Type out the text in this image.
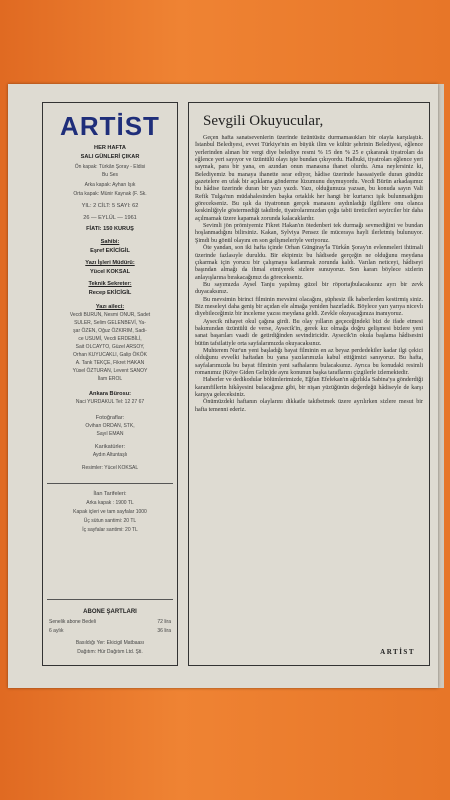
ARTİST
HER HAFTA
SALI GÜNLERİ ÇIKAR
Ön kapak: Türkân Şoray - Eldisi
Bu Ses
Arka kapak: Ayhan Işık
Orta kapak: Münir Kaynak (F. Sk.
YIL: 2 CİLT: 5 SAYI: 62
26 — EYLÜL — 1961
FİATI: 150 KURUŞ
Sahibi:
Eşref EKİCİGİL
Yazı İşleri Müdürü:
Yücel KOKSAL
Teknik Sekreter:
Recep EKİCİGİL
Yazı aileci:
Vecdi BURUN, Nesmi ONUR, Sadet
SULER, Selim GELENBEVİ, Ya-
şar ÖZEN, Oğuz ÖZKIRIM, Sadi-
ce USUMİ, Vecdi ERDEBİLİ,
Sait OLCAYTO, Güzel ARSOY,
Orhan KUYUCAKLI, Galip ÖKÖK
A. Tank TEKÇE, Fikret HAKAN
Yüsel ÖZTURAN, Levent SANOY
İlam EROL
Ankara Bürosu:
Naci YURDAKUL Tel: 12 27 67
Fotoğraflar:
Ovihan ORDAN, STK,
Sayıl EMAN
Karikatürler:
Aydın Altuntaşlı
Resimler: Yücel KOKSAL
İlan Tarifeleri:
Arka kapak : 1900 TL
Kapak içleri ve tam sayfalar 1000
Üç sütun santimi: 20 TL
İç sayfalar santimi: 20 TL
ABONE ŞARTLARI
Senelik abone Bedeli	72 lira
6 aylık	36 lira
Basıldığı Yer: Ekicigil Matbaası
Dağıtım: Hür Dağıtım Ltd. Şti.
Sevgili Okuyucular,

Geçen hafta sanatsevenlerin üzerinde üzüntüsüz durmamasıkları bir olayla karşılaştık. İstanbul Belediyesi, evvet Türkiye'nin en büyük ilim ve kültür şehrinin Belediyesi, eğlence yerlerinden alınan bir vergi diye belediye resmi % 15 den % 25 e çıkararak tiyatroları da eğlence yeri sayıyor ve üzüntülü olayı işte bundan çıkıyordu. Halbuki, tiyatroları eğlence yeri saymak, para bir yana, en azından onun manasına ihanet olurdu. Ama neylersiniz ki, Belediyemiz bu manaya ihanette ısrar ediyor, hâdise üzerinde hassasiyetle duran gündüz gazetelere en ufak bir açıklama gönderme lüzumunu duymuyordu. Vecdi Bürün arkadaşımız bu hâdise üzerinde duran bir yazı yazdı. Yazı, olduğumuza yazsan, bu konuda sayın Vali Refik Tulga'nın müdahalesinden başka ortaklık her hangi bir kurtarıcı işık bulunmadığını görecekseniz. Bu ışık da tiyatronun gerçek manasını aydınladığı ilgililere onu olanca keskinliğiyle göstermediği takdirde, tiyatrolarımızdan çoğu tabii üreticileri seyirciler bir daha açılmamak üzere kapamak zorunda kalacaklardır.

Sevimli jön prömiyemiz Fikret Hakan'ın ötedenberi tek durmağı sevmediğini ve bundan hoşlanmadığını bilirsiniz. Kakan, Sylviya Pensez ile müceraya hayli ilerletmiş bulunuyor. Şimdi bu gönül olayını en son gelişmeleriyle veriyoruz.

Öte yandan, son iki hafta içinde Orhan Güngiray'la Türkân Şoray'ın evlenmeleri ihtimali üzerinde fazlasıyle duruldu. Bir ekipimiz bu hâdisede gerçeğin ne olduğunu meydana çıkarmak için yorucu bir çalışmaya katlanmak zorunda kaldı. Varılan neticeyi, hâdiseyi başından almağı da ihmal etmiyerek sizlere sunuyoruz. Son kararı böylece sizlerin anlayışlarına bırakacağımız da görecekseniz.

Bu sayımızda Aysel Tanju yapılmış güzel bir röportajbulacaksınız ayrı bir zevk duyacaksınız.

Bu mevsimin birinci filminin mevsimi olacağını, şüphesiz ilk haberlerden kestirmiş siniz. Biz meseleyi daha geniş bir açıdan ele almağa yeniden hazırladık. Böylece yarı yarıya nicevlı diyebileceğimiz bir inceleme yazısı meydana geldi. Zevkle okuyacağınıza inanıyoruz.

Aysecik nihayet okul çağına girdi. Bu olay yılların geçeceğindeki bizi de ifade etmesi bakımından üzüntülü de verse, Aysecik'in, gerek kız olmağa doğru gelişmesi bizlere yeni sanat başarıları vaadi de getirdiğinden sevindiricidir. Aysecik'in okula başlama hâdisesini bütün tafsilatiyle orta sayfalarımızda okuyacaksınız.

Muhterem Nur'un yeni başladığı bayat filminin en az beyaz perdedekiler kadar ilgi çekici olduğunu evvelki haftadan bu yana yazılarımızla kabul ettiğimizi sanıyoruz. Bu hafta, sayfalarımızda bu bayat filminin yeni safhalarını bulacaksınız. Ayrıca bu konudaki resimli romanımız (Köye Giden Gelin)de aynı konunun başka taraflarını çizgilerle izlemektedir.

Haberler ve dedikodular bölümlerimizde, Eğfan Efelekan'ın ağırlıkla Sabina'ya gönderdiği karamfillerin hikâyesini bulacağınız gibi, bir nişan yüzüğünün değerdeğü hâdiseyle de karşı karşıya geleceksiniz.

Önümüzdeki haftanın olaylarını dikkatle takibetmek üzere ayrılırken sizlere mesut bir hafta temenni ederiz.

ARTİST
